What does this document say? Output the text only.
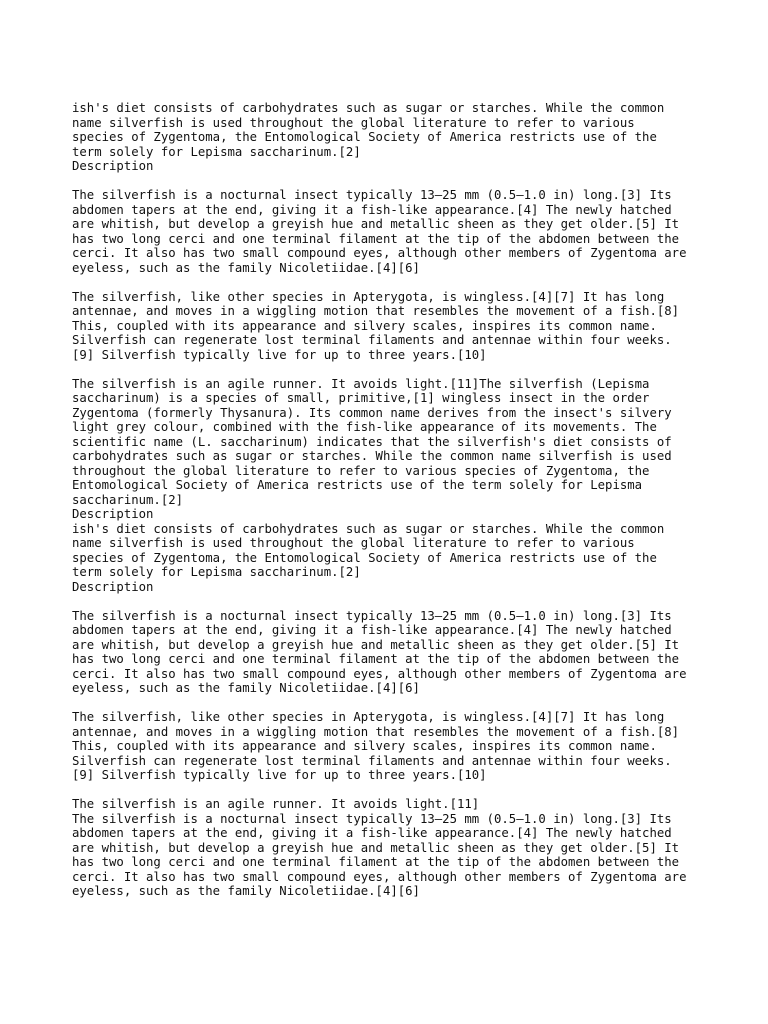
ish's diet consists of carbohydrates such as sugar or starches. While the common
name silverfish is used throughout the global literature to refer to various
species of Zygentoma, the Entomological Society of America restricts use of the
term solely for Lepisma saccharinum.[2]
Description

The silverfish is a nocturnal insect typically 13–25 mm (0.5–1.0 in) long.[3] Its
abdomen tapers at the end, giving it a fish-like appearance.[4] The newly hatched
are whitish, but develop a greyish hue and metallic sheen as they get older.[5] It
has two long cerci and one terminal filament at the tip of the abdomen between the
cerci. It also has two small compound eyes, although other members of Zygentoma are
eyeless, such as the family Nicoletiidae.[4][6]

The silverfish, like other species in Apterygota, is wingless.[4][7] It has long
antennae, and moves in a wiggling motion that resembles the movement of a fish.[8]
This, coupled with its appearance and silvery scales, inspires its common name.
Silverfish can regenerate lost terminal filaments and antennae within four weeks.
[9] Silverfish typically live for up to three years.[10]

The silverfish is an agile runner. It avoids light.[11]The silverfish (Lepisma
saccharinum) is a species of small, primitive,[1] wingless insect in the order
Zygentoma (formerly Thysanura). Its common name derives from the insect's silvery
light grey colour, combined with the fish-like appearance of its movements. The
scientific name (L. saccharinum) indicates that the silverfish's diet consists of
carbohydrates such as sugar or starches. While the common name silverfish is used
throughout the global literature to refer to various species of Zygentoma, the
Entomological Society of America restricts use of the term solely for Lepisma
saccharinum.[2]
Description
ish's diet consists of carbohydrates such as sugar or starches. While the common
name silverfish is used throughout the global literature to refer to various
species of Zygentoma, the Entomological Society of America restricts use of the
term solely for Lepisma saccharinum.[2]
Description

The silverfish is a nocturnal insect typically 13–25 mm (0.5–1.0 in) long.[3] Its
abdomen tapers at the end, giving it a fish-like appearance.[4] The newly hatched
are whitish, but develop a greyish hue and metallic sheen as they get older.[5] It
has two long cerci and one terminal filament at the tip of the abdomen between the
cerci. It also has two small compound eyes, although other members of Zygentoma are
eyeless, such as the family Nicoletiidae.[4][6]

The silverfish, like other species in Apterygota, is wingless.[4][7] It has long
antennae, and moves in a wiggling motion that resembles the movement of a fish.[8]
This, coupled with its appearance and silvery scales, inspires its common name.
Silverfish can regenerate lost terminal filaments and antennae within four weeks.
[9] Silverfish typically live for up to three years.[10]

The silverfish is an agile runner. It avoids light.[11]
The silverfish is a nocturnal insect typically 13–25 mm (0.5–1.0 in) long.[3] Its
abdomen tapers at the end, giving it a fish-like appearance.[4] The newly hatched
are whitish, but develop a greyish hue and metallic sheen as they get older.[5] It
has two long cerci and one terminal filament at the tip of the abdomen between the
cerci. It also has two small compound eyes, although other members of Zygentoma are
eyeless, such as the family Nicoletiidae.[4][6]
